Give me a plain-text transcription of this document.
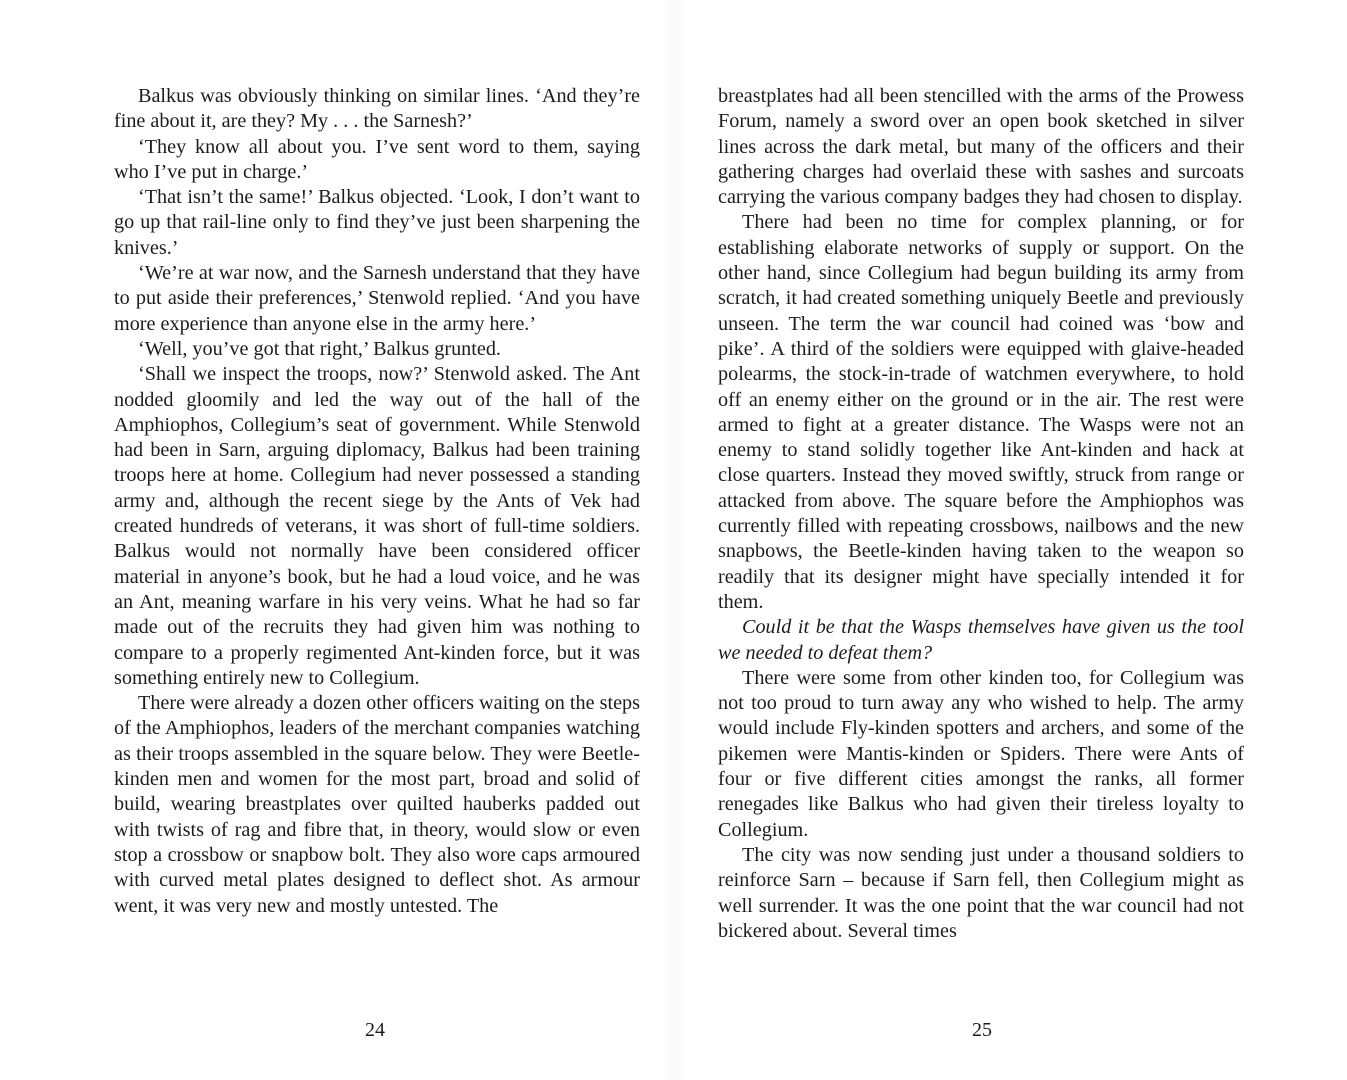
Balkus was obviously thinking on similar lines. ‘And they’re fine about it, are they? My . . . the Sarnesh?’

‘They know all about you. I’ve sent word to them, saying who I’ve put in charge.’

‘That isn’t the same!’ Balkus objected. ‘Look, I don’t want to go up that rail-line only to find they’ve just been sharpening the knives.’

‘We’re at war now, and the Sarnesh understand that they have to put aside their preferences,’ Stenwold replied. ‘And you have more experience than anyone else in the army here.’

‘Well, you’ve got that right,’ Balkus grunted.

‘Shall we inspect the troops, now?’ Stenwold asked. The Ant nodded gloomily and led the way out of the hall of the Amphiophos, Collegium’s seat of government. While Stenwold had been in Sarn, arguing diplomacy, Balkus had been training troops here at home. Collegium had never possessed a standing army and, although the recent siege by the Ants of Vek had created hundreds of veterans, it was short of full-time soldiers. Balkus would not normally have been considered officer material in anyone’s book, but he had a loud voice, and he was an Ant, meaning warfare in his very veins. What he had so far made out of the recruits they had given him was nothing to compare to a properly regimented Ant-kinden force, but it was something entirely new to Collegium.

There were already a dozen other officers waiting on the steps of the Amphiophos, leaders of the merchant companies watching as their troops assembled in the square below. They were Beetle-kinden men and women for the most part, broad and solid of build, wearing breastplates over quilted hauberks padded out with twists of rag and fibre that, in theory, would slow or even stop a crossbow or snapbow bolt. They also wore caps armoured with curved metal plates designed to deflect shot. As armour went, it was very new and mostly untested. The

breastplates had all been stencilled with the arms of the Prowess Forum, namely a sword over an open book sketched in silver lines across the dark metal, but many of the officers and their gathering charges had overlaid these with sashes and surcoats carrying the various company badges they had chosen to display.

There had been no time for complex planning, or for establishing elaborate networks of supply or support. On the other hand, since Collegium had begun building its army from scratch, it had created something uniquely Beetle and previously unseen. The term the war council had coined was ‘bow and pike’. A third of the soldiers were equipped with glaive-headed polearms, the stock-in-trade of watchmen everywhere, to hold off an enemy either on the ground or in the air. The rest were armed to fight at a greater distance. The Wasps were not an enemy to stand solidly together like Ant-kinden and hack at close quarters. Instead they moved swiftly, struck from range or attacked from above. The square before the Amphiophos was currently filled with repeating crossbows, nailbows and the new snapbows, the Beetle-kinden having taken to the weapon so readily that its designer might have specially intended it for them.

Could it be that the Wasps themselves have given us the tool we needed to defeat them?

There were some from other kinden too, for Collegium was not too proud to turn away any who wished to help. The army would include Fly-kinden spotters and archers, and some of the pikemen were Mantis-kinden or Spiders. There were Ants of four or five different cities amongst the ranks, all former renegades like Balkus who had given their tireless loyalty to Collegium.

The city was now sending just under a thousand soldiers to reinforce Sarn – because if Sarn fell, then Collegium might as well surrender. It was the one point that the war council had not bickered about. Several times

24	25
